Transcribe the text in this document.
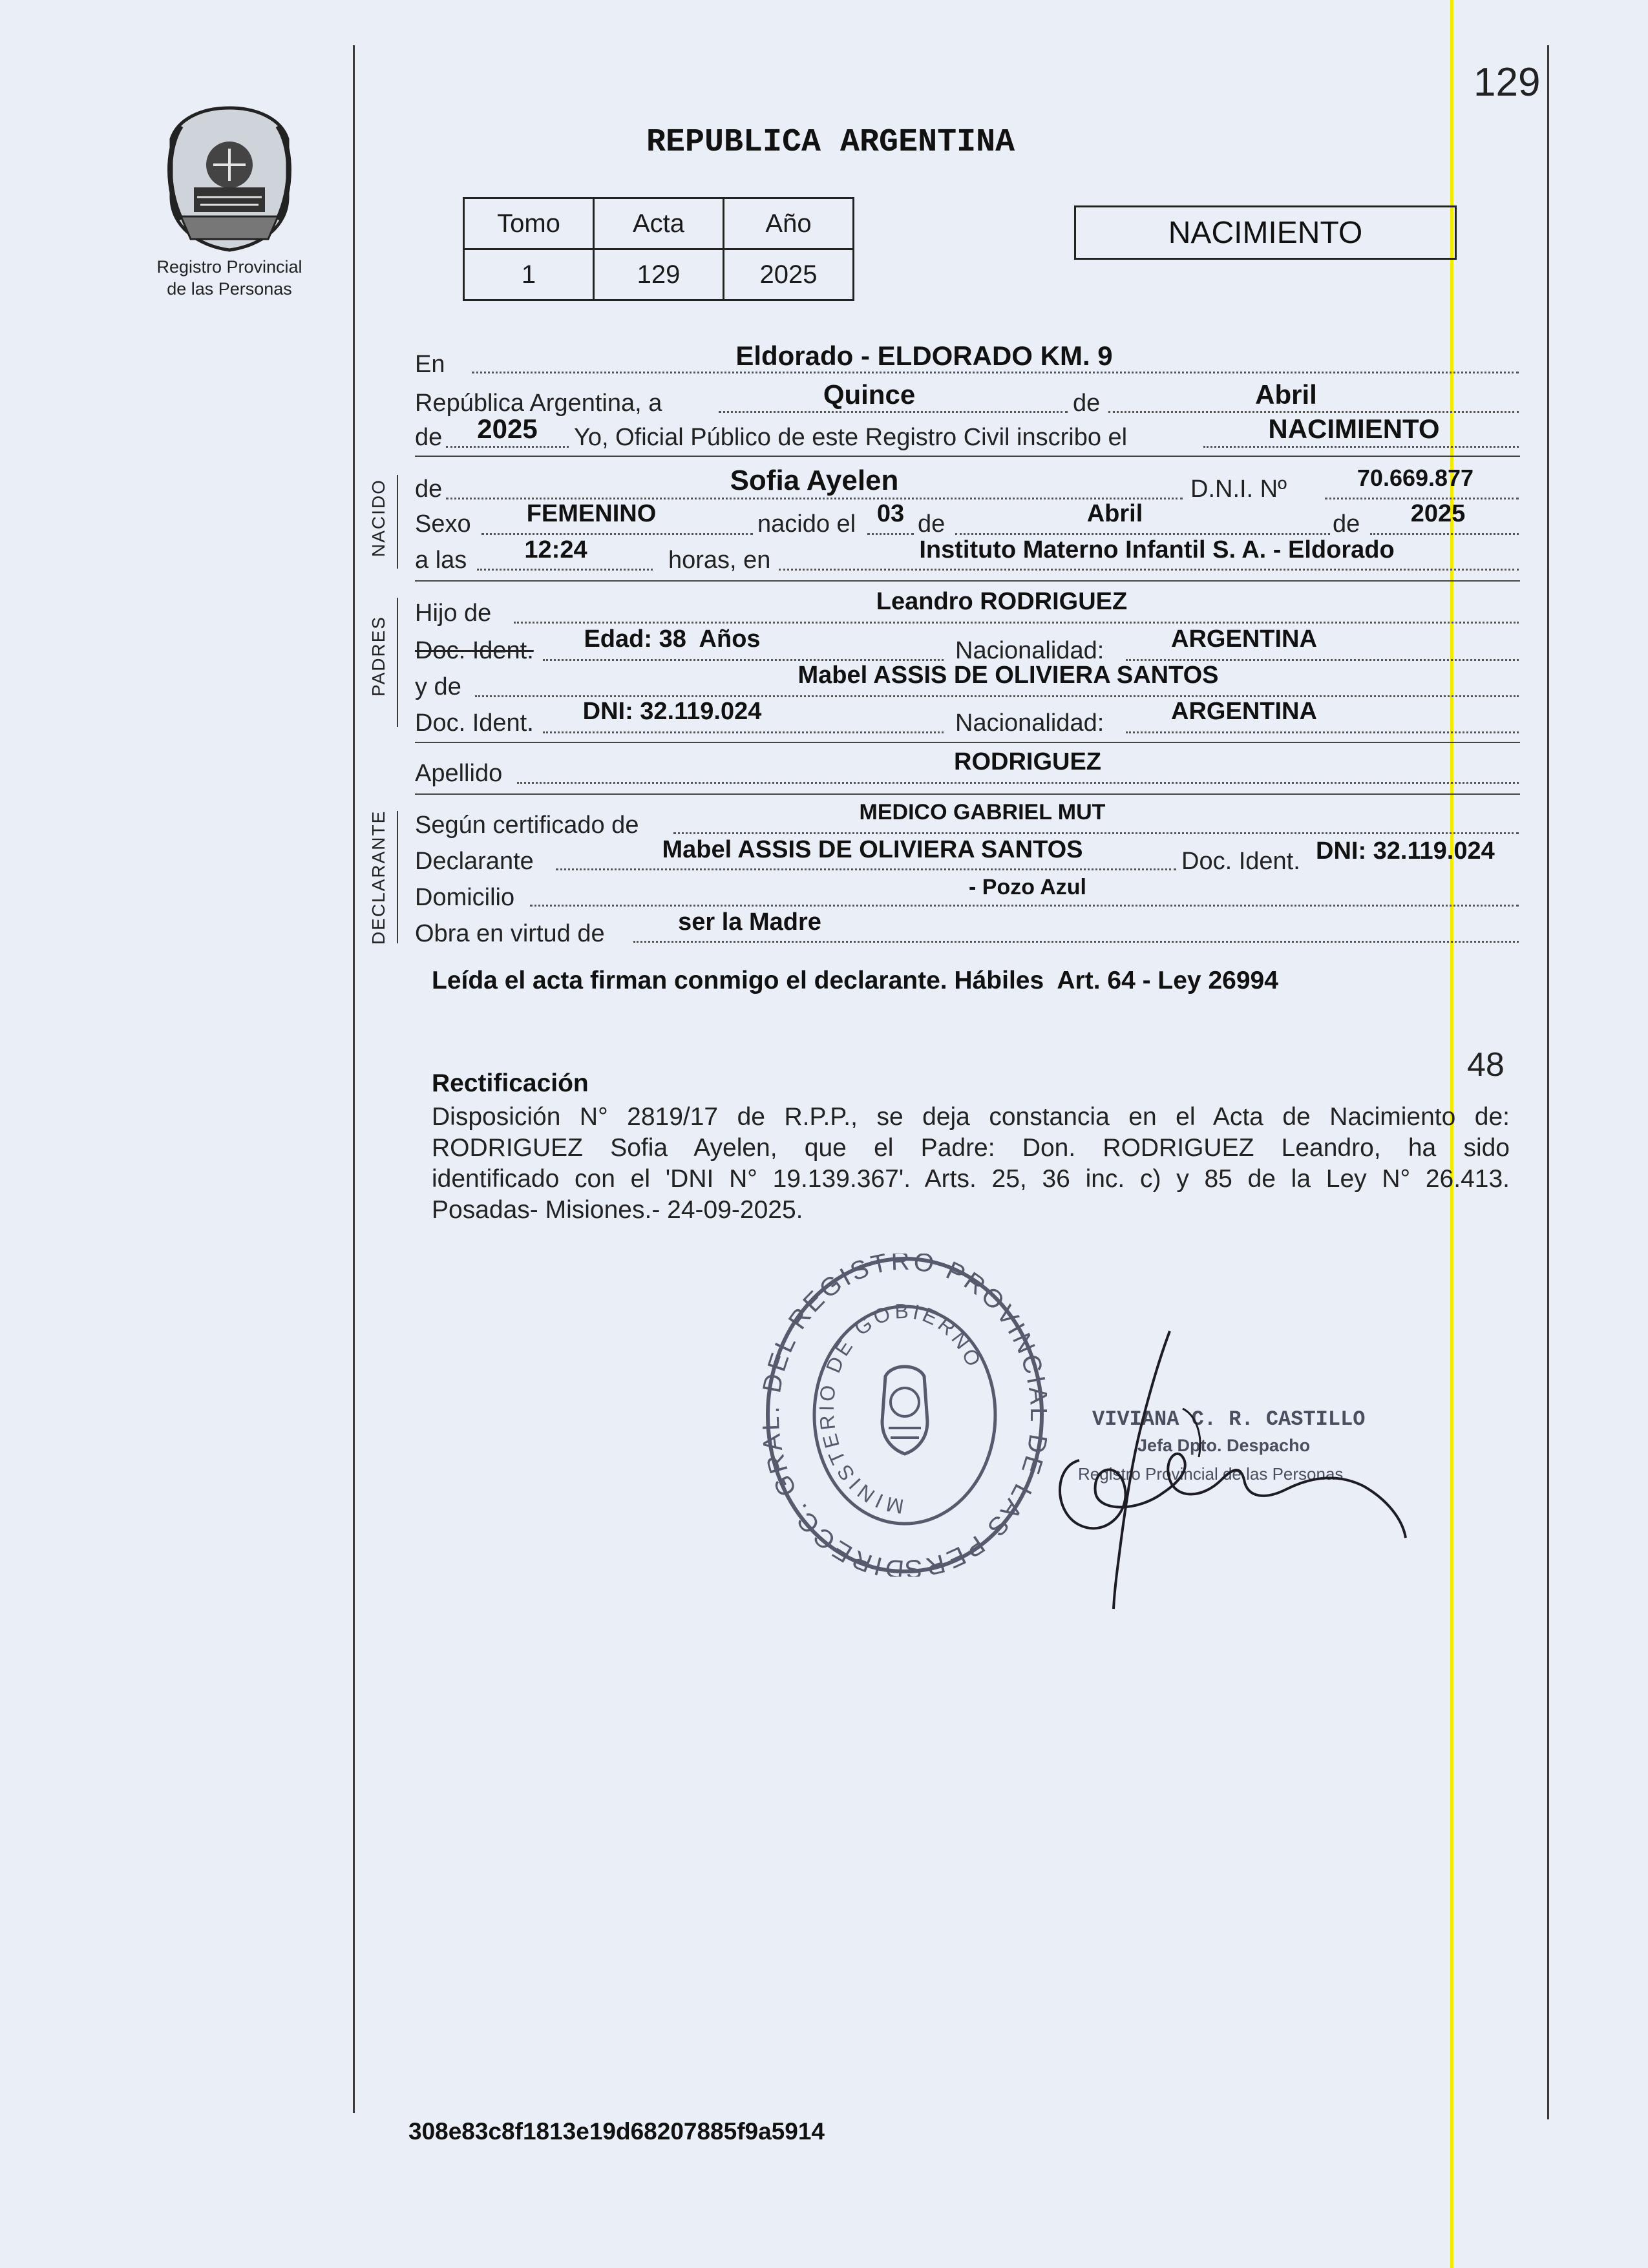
129
Registro Provincial
de las Personas
REPUBLICA ARGENTINA
Tomo	Acta	Año
1	129	2025
NACIMIENTO
En	Eldorado - ELDORADO KM. 9
República Argentina, a	Quince	de	Abril
de	2025	Yo, Oficial Público de este Registro Civil inscribo el	NACIMIENTO
NACIDO de	Sofia Ayelen	D.N.I. Nº	70.669.877
Sexo	FEMENINO	nacido el 03 de	Abril	de	2025
a las	12:24	horas, en	Instituto Materno Infantil S. A. - Eldorado
PADRES
Hijo de	Leandro RODRIGUEZ
Doc. Ident.	Edad: 38  Años	Nacionalidad:	ARGENTINA
y de	Mabel ASSIS DE OLIVIERA SANTOS
Doc. Ident.	DNI: 32.119.024	Nacionalidad:	ARGENTINA
Apellido	RODRIGUEZ
DECLARANTE Según certificado de	MEDICO GABRIEL MUT
Declarante	Mabel ASSIS DE OLIVIERA SANTOS	Doc. Ident. DNI: 32.119.024
Domicilio	- Pozo Azul
Obra en virtud de	ser la Madre
Leída el acta firman conmigo el declarante. Hábiles  Art. 64 - Ley 26994
48
Rectificación
Disposición N° 2819/17 de R.P.P., se deja constancia en el Acta de Nacimiento de:
RODRIGUEZ Sofia Ayelen, que el Padre: Don. RODRIGUEZ Leandro, ha sido
identificado con el 'DNI N° 19.139.367'. Arts. 25, 36 inc. c) y 85 de la Ley N° 26.413.
Posadas- Misiones.- 24-09-2025.
DIRECC. GR EL REGISTRO PROVINC E LAS PERS
MINISTERIO DE GOBIERNO
VIVIANA C. R. CASTILLO
Jefa Dpto. Despacho
Registro Provincial de las Personas
308e83c8f1813e19d68207885f9a5914
